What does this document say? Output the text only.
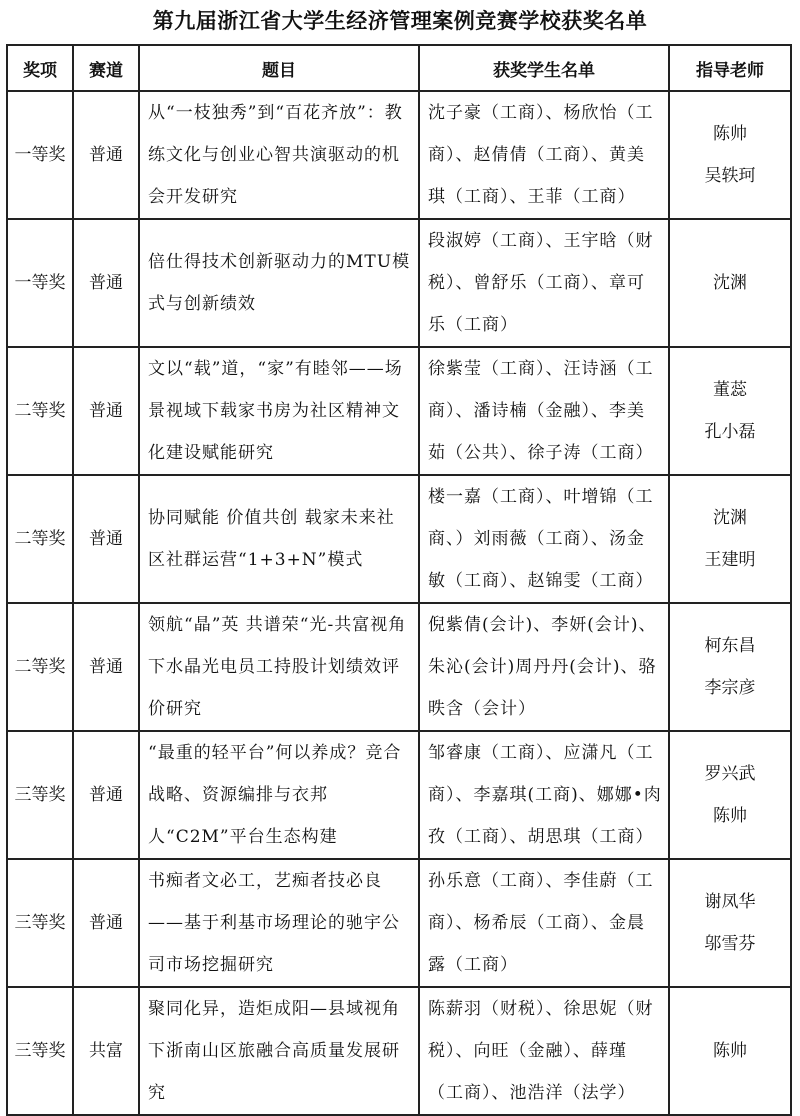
第九届浙江省大学生经济管理案例竞赛学校获奖名单
奖项	赛道	题目	获奖学生名单	指导老师
一等奖	普通	从“一枝独秀”到“百花齐放”：教练文化与创业心智共演驱动的机会开发研究	沈子豪（工商）、杨欣怡（工商）、赵倩倩（工商）、黄美琪（工商）、王菲（工商）	陈帅
吴轶珂

一等奖	普通	倍仕得技术创新驱动力的MTU模式与创新绩效	段淑婷（工商）、王宇晗（财税）、曾舒乐（工商）、章可乐（工商）	沈渊

二等奖	普通	文以“载”道，“家”有睦邻——场景视域下载家书房为社区精神文化建设赋能研究	徐紫莹（工商）、汪诗涵（工商）、潘诗楠（金融）、李美茹（公共）、徐子涛（工商）	董蕊
孔小磊

二等奖	普通	协同赋能 价值共创 载家未来社区社群运营“1+3+N”模式	楼一嘉（工商）、叶增锦（工商、）刘雨薇（工商）、汤金敏（工商）、赵锦雯（工商）	沈渊
王建明

二等奖	普通	领航“晶”英 共谱荣“光-共富视角下水晶光电员工持股计划绩效评价研究	倪紫倩(会计)、李妍(会计)、朱沁(会计)周丹丹(会计)、骆昳含（会计）	柯东昌
李宗彦

三等奖	普通	“最重的轻平台”何以养成？竞合战略、资源编排与衣邦人“C2M”平台生态构建	邹睿康（工商）、应潇凡（工商）、李嘉琪(工商)、娜娜•肉孜（工商）、胡思琪（工商）	罗兴武
陈帅

三等奖	普通	书痴者文必工，艺痴者技必良——基于利基市场理论的驰宇公司市场挖掘研究	孙乐意（工商）、李佳蔚（工商）、杨希辰（工商）、金晨露（工商）	谢凤华
邬雪芬

三等奖	共富	聚同化异，造炬成阳—县域视角下浙南山区旅融合高质量发展研究	陈薪羽（财税）、徐思妮（财税）、向旺（金融）、薛瑾（工商）、池浩洋（法学）	陈帅
